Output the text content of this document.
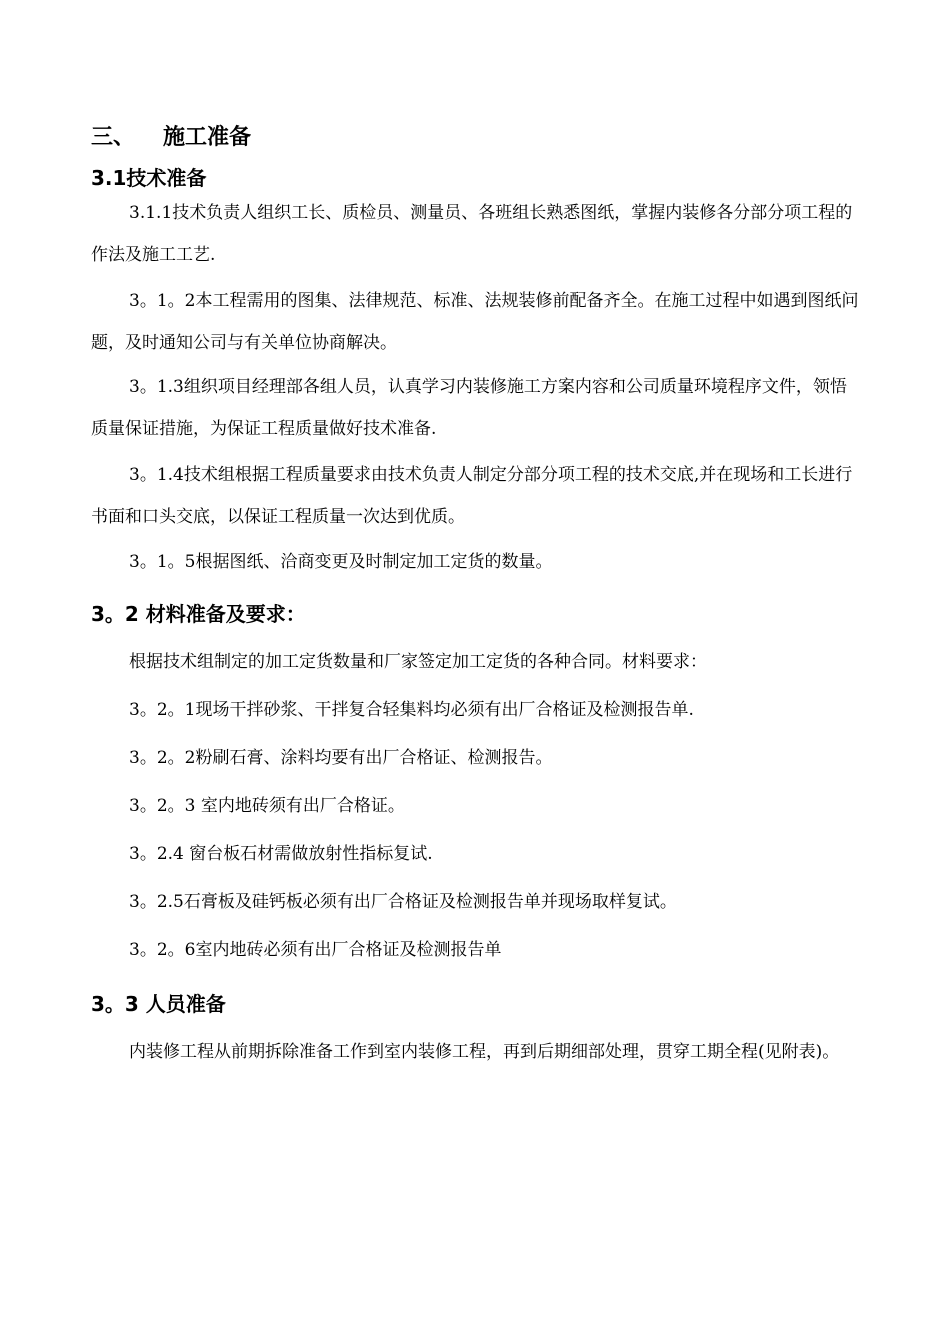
三、 施工准备
3.1技术准备
3.1.1技术负责人组织工长、质检员、测量员、各班组长熟悉图纸，掌握内装修各分部分项工程的作法及施工工艺.
3。1。2本工程需用的图集、法律规范、标准、法规装修前配备齐全。在施工过程中如遇到图纸问题，及时通知公司与有关单位协商解决。
3。1.3组织项目经理部各组人员，认真学习内装修施工方案内容和公司质量环境程序文件，领悟质量保证措施，为保证工程质量做好技术准备.
3。1.4技术组根据工程质量要求由技术负责人制定分部分项工程的技术交底,并在现场和工长进行书面和口头交底，以保证工程质量一次达到优质。
3。1。5根据图纸、洽商变更及时制定加工定货的数量。
3。2 材料准备及要求：
根据技术组制定的加工定货数量和厂家签定加工定货的各种合同。材料要求：
3。2。1现场干拌砂浆、干拌复合轻集料均必须有出厂合格证及检测报告单.
3。2。2粉刷石膏、涂料均要有出厂合格证、检测报告。
3。2。3 室内地砖须有出厂合格证。
3。2.4 窗台板石材需做放射性指标复试.
3。2.5石膏板及硅钙板必须有出厂合格证及检测报告单并现场取样复试。
3。2。6室内地砖必须有出厂合格证及检测报告单
3。3 人员准备
内装修工程从前期拆除准备工作到室内装修工程，再到后期细部处理，贯穿工期全程(见附表)。
